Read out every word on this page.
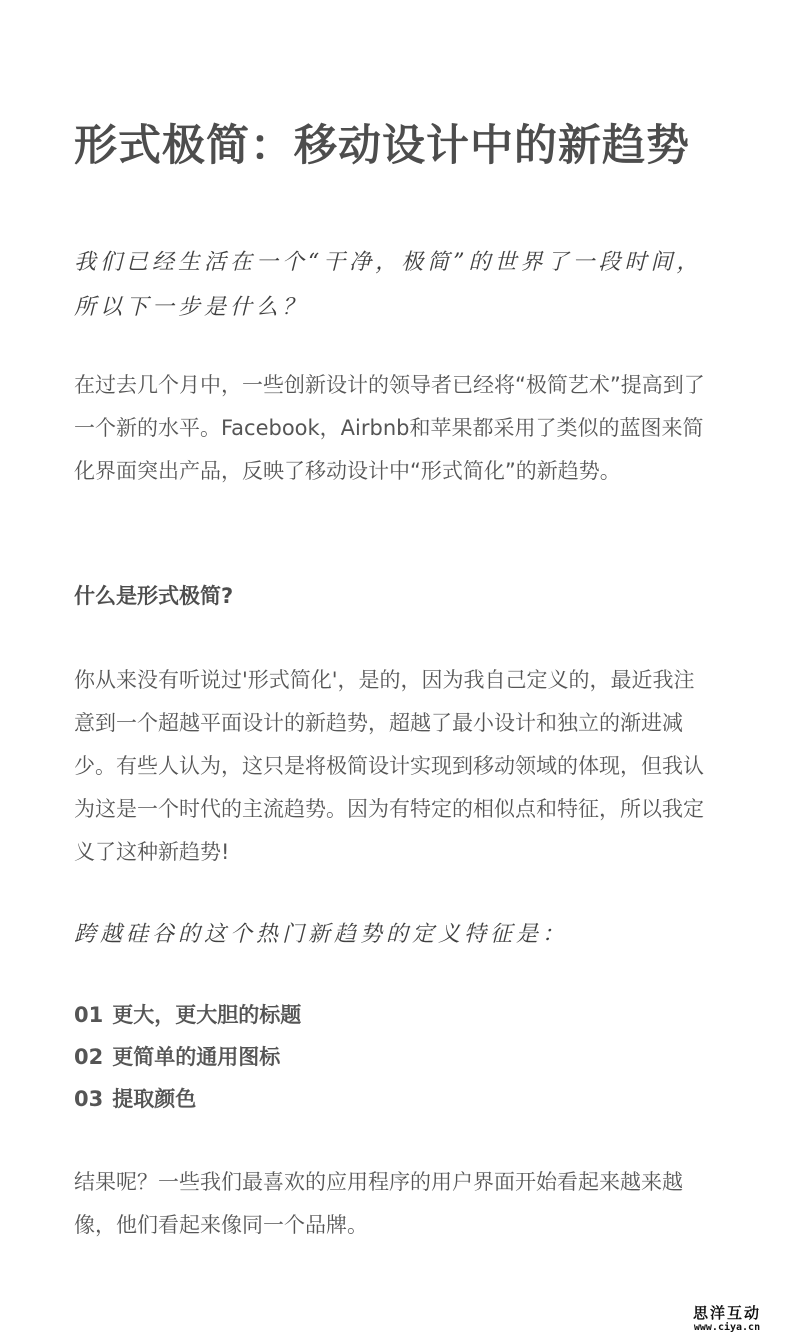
形式极简：移动设计中的新趋势

我们已经生活在一个“干净，极简”的世界了一段时间，所以下一步是什么？

在过去几个月中，一些创新设计的领导者已经将“极简艺术”提高到了一个新的水平。Facebook，Airbnb和苹果都采用了类似的蓝图来简化界面突出产品，反映了移动设计中“形式简化”的新趋势。

什么是形式极简?

你从来没有听说过'形式简化'，是的，因为我自己定义的，最近我注意到一个超越平面设计的新趋势，超越了最小设计和独立的渐进减少。有些人认为，这只是将极简设计实现到移动领域的体现，但我认为这是一个时代的主流趋势。因为有特定的相似点和特征，所以我定义了这种新趋势!

跨越硅谷的这个热门新趋势的定义特征是：

01 更大，更大胆的标题
02 更简单的通用图标
03 提取颜色

结果呢？一些我们最喜欢的应用程序的用户界面开始看起来越来越像，他们看起来像同一个品牌。

思洋互动
www.ciya.cn
